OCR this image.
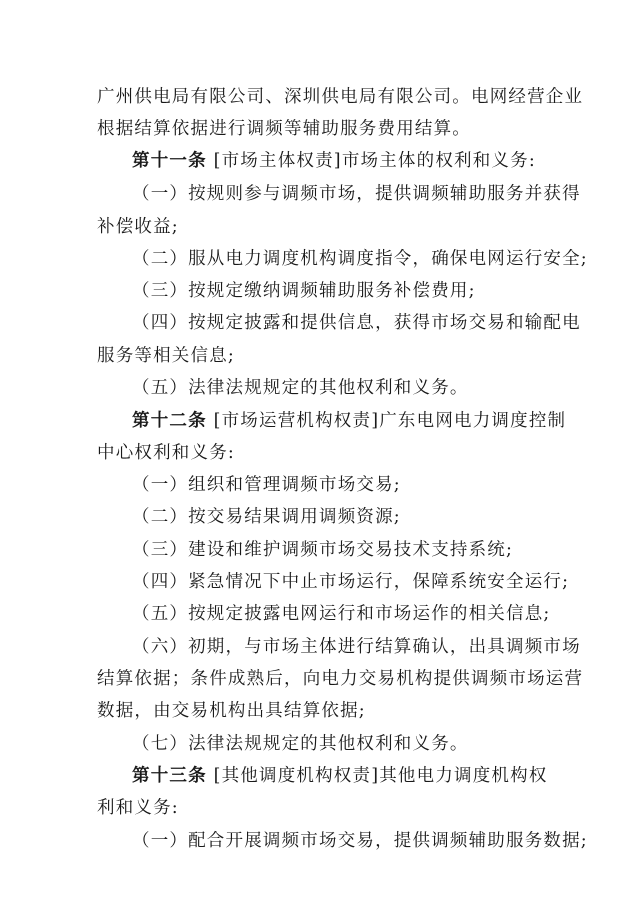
广州供电局有限公司、深圳供电局有限公司。电网经营企业
根据结算依据进行调频等辅助服务费用结算。
第十一条 [市场主体权责]市场主体的权利和义务:
（一）按规则参与调频市场，提供调频辅助服务并获得
补偿收益;
（二）服从电力调度机构调度指令，确保电网运行安全;
（三）按规定缴纳调频辅助服务补偿费用;
（四）按规定披露和提供信息，获得市场交易和输配电
服务等相关信息;
（五）法律法规规定的其他权利和义务。
第十二条 [市场运营机构权责]广东电网电力调度控制
中心权利和义务:
（一）组织和管理调频市场交易;
（二）按交易结果调用调频资源;
（三）建设和维护调频市场交易技术支持系统;
（四）紧急情况下中止市场运行，保障系统安全运行;
（五）按规定披露电网运行和市场运作的相关信息;
（六）初期，与市场主体进行结算确认，出具调频市场
结算依据；条件成熟后，向电力交易机构提供调频市场运营
数据，由交易机构出具结算依据;
（七）法律法规规定的其他权利和义务。
第十三条 [其他调度机构权责]其他电力调度机构权
利和义务:
（一）配合开展调频市场交易，提供调频辅助服务数据;
